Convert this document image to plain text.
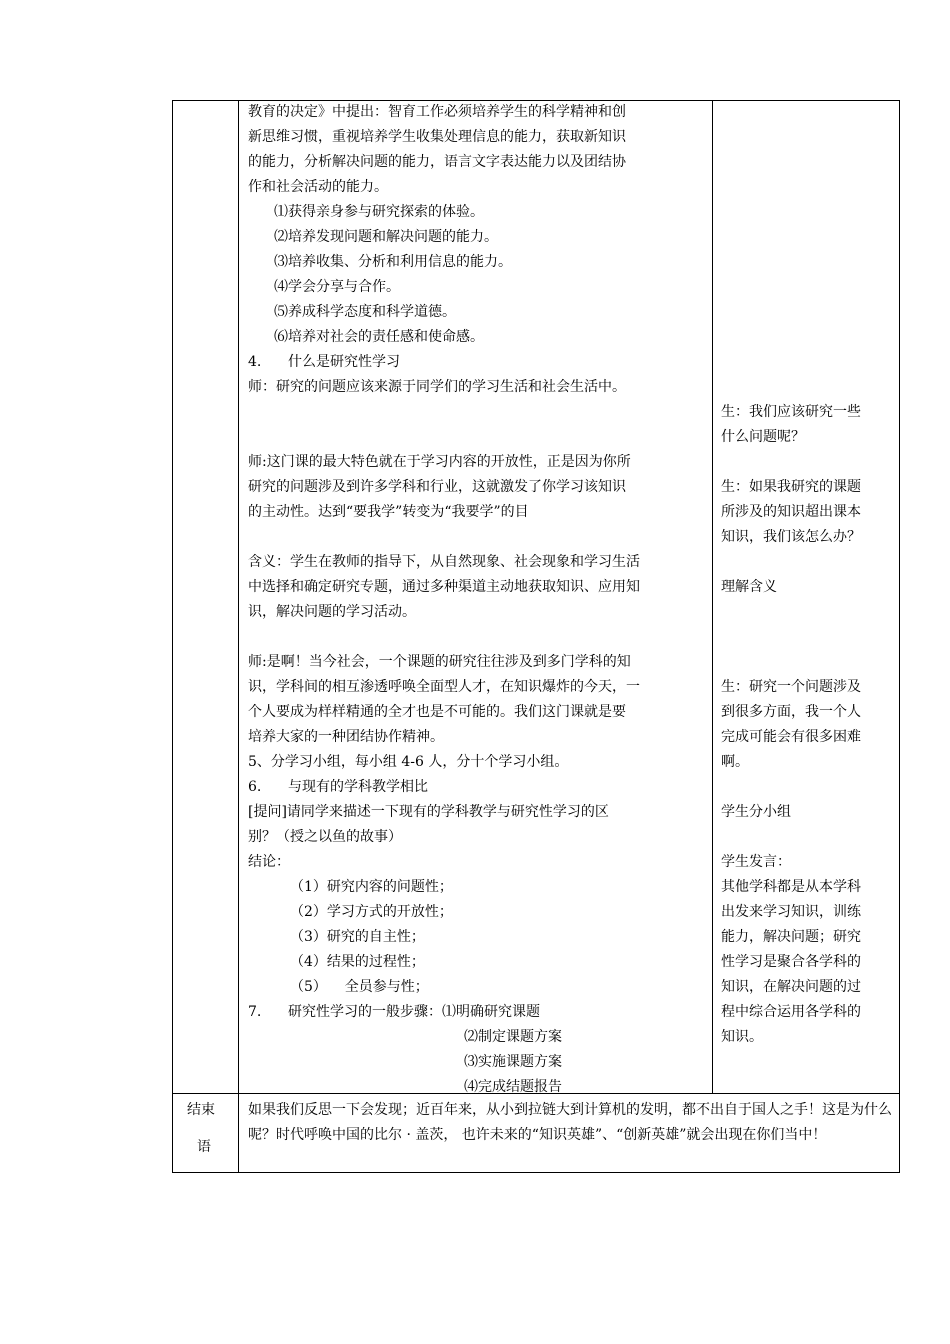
教育的决定》中提出：智育工作必须培养学生的科学精神和创
新思维习惯，重视培养学生收集处理信息的能力，获取新知识
的能力，分析解决问题的能力，语言文字表达能力以及团结协
作和社会活动的能力。
⑴获得亲身参与研究探索的体验。
⑵培养发现问题和解决问题的能力。
⑶培养收集、分析和利用信息的能力。
⑷学会分享与合作。
⑸养成科学态度和科学道德。
⑹培养对社会的责任感和使命感。
4.      什么是研究性学习
师：研究的问题应该来源于同学们的学习生活和社会生活中。
师:这门课的最大特色就在于学习内容的开放性，正是因为你所
研究的问题涉及到许多学科和行业，这就激发了你学习该知识
的主动性。达到“要我学”转变为“我要学”的目
含义：学生在教师的指导下，从自然现象、社会现象和学习生活
中选择和确定研究专题，通过多种渠道主动地获取知识、应用知
识，解决问题的学习活动。
师:是啊！当今社会，一个课题的研究往往涉及到多门学科的知
识，学科间的相互渗透呼唤全面型人才，在知识爆炸的今天，一
个人要成为样样精通的全才也是不可能的。我们这门课就是要
培养大家的一种团结协作精神。
5、分学习小组，每小组 4-6 人，分十个学习小组。
6.      与现有的学科教学相比
[提问]请同学来描述一下现有的学科教学与研究性学习的区
别？（授之以鱼的故事）
结论：
（1）研究内容的问题性；
（2）学习方式的开放性；
（3）研究的自主性；
（4）结果的过程性；
（5）    全员参与性；
7.      研究性学习的一般步骤：⑴明确研究课题
⑵制定课题方案
⑶实施课题方案
⑷完成结题报告
生：我们应该研究一些
什么问题呢？
生：如果我研究的课题
所涉及的知识超出课本
知识，我们该怎么办？
理解含义
生：研究一个问题涉及
到很多方面，我一个人
完成可能会有很多困难
啊。
学生分小组
学生发言：
其他学科都是从本学科
出发来学习知识，训练
能力，解决问题；研究
性学习是聚合各学科的
知识，在解决问题的过
程中综合运用各学科的
知识。
结束
语
如果我们反思一下会发现；近百年来，从小到拉链大到计算机的发明，都不出自于国人之手！这是为什么呢？时代呼唤中国的比尔 · 盖茨， 也许未来的“知识英雄”、“创新英雄”就会出现在你们当中！
